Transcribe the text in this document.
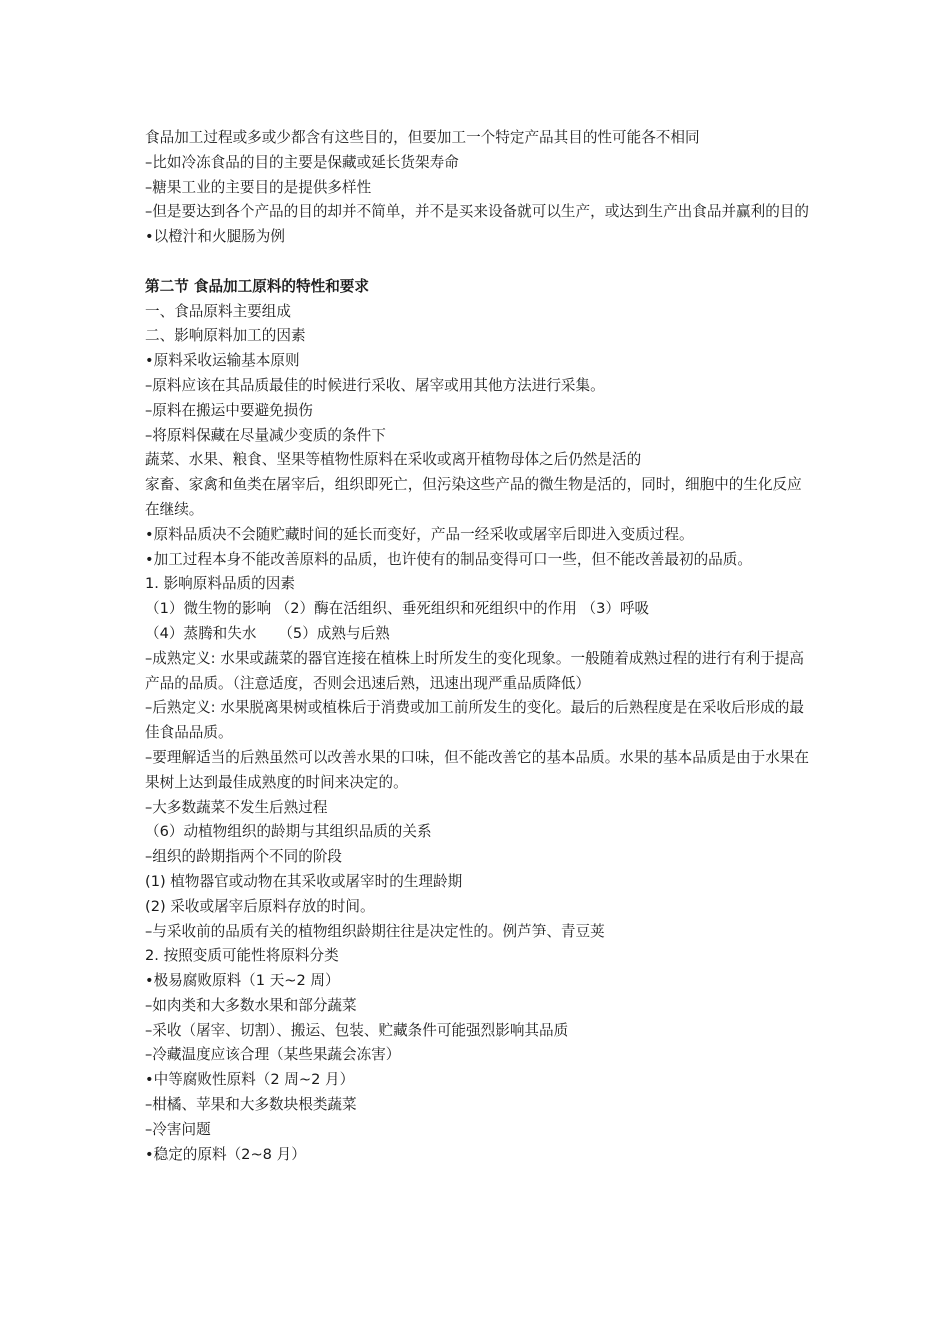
食品加工过程或多或少都含有这些目的，但要加工一个特定产品其目的性可能各不相同

–比如冷冻食品的目的主要是保藏或延长货架寿命

–糖果工业的主要目的是提供多样性

–但是要达到各个产品的目的却并不简单，并不是买来设备就可以生产，或达到生产出食品并赢利的目的

•以橙汁和火腿肠为例

第二节 食品加工原料的特性和要求

一、食品原料主要组成

二、影响原料加工的因素

•原料采收运输基本原则

–原料应该在其品质最佳的时候进行采收、屠宰或用其他方法进行采集。

–原料在搬运中要避免损伤

–将原料保藏在尽量减少变质的条件下

蔬菜、水果、粮食、坚果等植物性原料在采收或离开植物母体之后仍然是活的

家畜、家禽和鱼类在屠宰后，组织即死亡，但污染这些产品的微生物是活的，同时，细胞中的生化反应在继续。

•原料品质决不会随贮藏时间的延长而变好，产品一经采收或屠宰后即进入变质过程。

•加工过程本身不能改善原料的品质，也许使有的制品变得可口一些，但不能改善最初的品质。

1. 影响原料品质的因素

（1）微生物的影响 （2）酶在活组织、垂死组织和死组织中的作用 （3）呼吸

（4）蒸腾和失水　　（5）成熟与后熟

–成熟定义: 水果或蔬菜的器官连接在植株上时所发生的变化现象。一般随着成熟过程的进行有利于提高产品的品质。（注意适度，否则会迅速后熟，迅速出现严重品质降低）

–后熟定义: 水果脱离果树或植株后于消费或加工前所发生的变化。最后的后熟程度是在采收后形成的最佳食品品质。

–要理解适当的后熟虽然可以改善水果的口味，但不能改善它的基本品质。水果的基本品质是由于水果在果树上达到最佳成熟度的时间来决定的。

–大多数蔬菜不发生后熟过程

（6）动植物组织的龄期与其组织品质的关系

–组织的龄期指两个不同的阶段

(1) 植物器官或动物在其采收或屠宰时的生理龄期

(2) 采收或屠宰后原料存放的时间。

–与采收前的品质有关的植物组织龄期往往是决定性的。例芦笋、青豆荚

2. 按照变质可能性将原料分类

•极易腐败原料（1 天~2 周）

–如肉类和大多数水果和部分蔬菜

–采收（屠宰、切割）、搬运、包装、贮藏条件可能强烈影响其品质

–冷藏温度应该合理（某些果蔬会冻害）

•中等腐败性原料（2 周~2 月）

–柑橘、苹果和大多数块根类蔬菜

–冷害问题

•稳定的原料（2~8 月）
